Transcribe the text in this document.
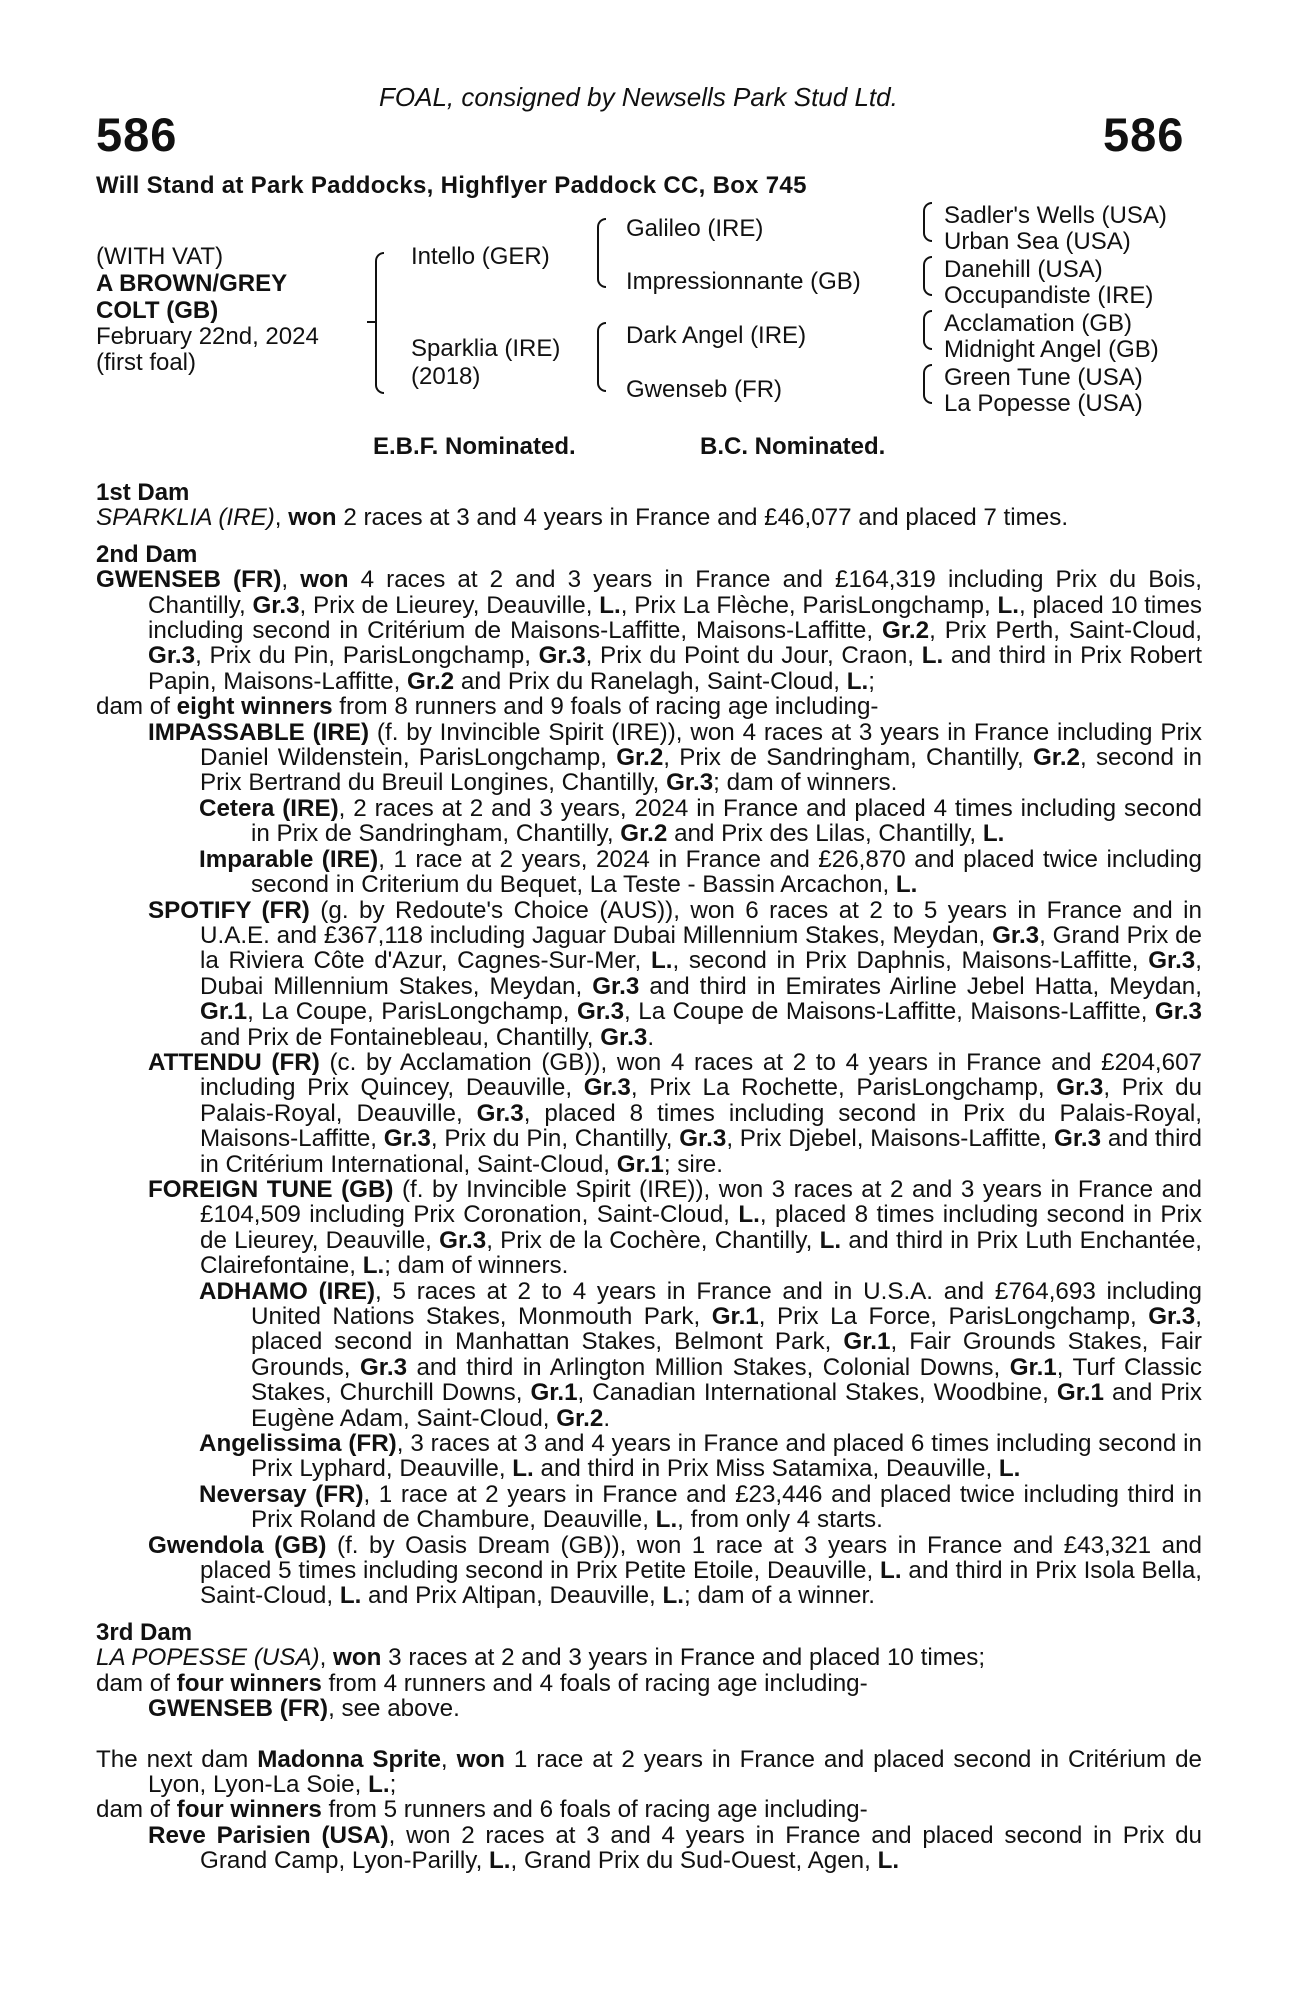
FOAL, consigned by Newsells Park Stud Ltd.
586	586
Will Stand at Park Paddocks, Highflyer Paddock CC, Box 745
(WITH VAT)
A BROWN/GREY
COLT (GB)
February 22nd, 2024
(first foal)
Intello (GER)
Sparklia (IRE)
(2018)
Galileo (IRE)
Impressionnante (GB)
Dark Angel (IRE)
Gwenseb (FR)
Sadler's Wells (USA)
Urban Sea (USA)
Danehill (USA)
Occupandiste (IRE)
Acclamation (GB)
Midnight Angel (GB)
Green Tune (USA)
La Popesse (USA)
E.B.F. Nominated.	B.C. Nominated.
1st Dam

SPARKLIA (IRE), won 2 races at 3 and 4 years in France and £46,077 and placed 7 times.

2nd Dam

GWENSEB (FR), won 4 races at 2 and 3 years in France and £164,319 including Prix du Bois, Chantilly, Gr.3, Prix de Lieurey, Deauville, L., Prix La Flèche, ParisLongchamp, L., placed 10 times including second in Critérium de Maisons-Laffitte, Maisons-Laffitte, Gr.2, Prix Perth, Saint-Cloud, Gr.3, Prix du Pin, ParisLongchamp, Gr.3, Prix du Point du Jour, Craon, L. and third in Prix Robert Papin, Maisons-Laffitte, Gr.2 and Prix du Ranelagh, Saint-Cloud, L.;

dam of eight winners from 8 runners and 9 foals of racing age including-

IMPASSABLE (IRE) (f. by Invincible Spirit (IRE)), won 4 races at 3 years in France including Prix Daniel Wildenstein, ParisLongchamp, Gr.2, Prix de Sandringham, Chantilly, Gr.2, second in Prix Bertrand du Breuil Longines, Chantilly, Gr.3; dam of winners.

Cetera (IRE), 2 races at 2 and 3 years, 2024 in France and placed 4 times including second in Prix de Sandringham, Chantilly, Gr.2 and Prix des Lilas, Chantilly, L.

Imparable (IRE), 1 race at 2 years, 2024 in France and £26,870 and placed twice including second in Criterium du Bequet, La Teste - Bassin Arcachon, L.

SPOTIFY (FR) (g. by Redoute's Choice (AUS)), won 6 races at 2 to 5 years in France and in U.A.E. and £367,118 including Jaguar Dubai Millennium Stakes, Meydan, Gr.3, Grand Prix de la Riviera Côte d'Azur, Cagnes-Sur-Mer, L., second in Prix Daphnis, Maisons-Laffitte, Gr.3, Dubai Millennium Stakes, Meydan, Gr.3 and third in Emirates Airline Jebel Hatta, Meydan, Gr.1, La Coupe, ParisLongchamp, Gr.3, La Coupe de Maisons-Laffitte, Maisons-Laffitte, Gr.3 and Prix de Fontainebleau, Chantilly, Gr.3.

ATTENDU (FR) (c. by Acclamation (GB)), won 4 races at 2 to 4 years in France and £204,607 including Prix Quincey, Deauville, Gr.3, Prix La Rochette, ParisLongchamp, Gr.3, Prix du Palais-Royal, Deauville, Gr.3, placed 8 times including second in Prix du Palais-Royal, Maisons-Laffitte, Gr.3, Prix du Pin, Chantilly, Gr.3, Prix Djebel, Maisons-Laffitte, Gr.3 and third in Critérium International, Saint-Cloud, Gr.1; sire.

FOREIGN TUNE (GB) (f. by Invincible Spirit (IRE)), won 3 races at 2 and 3 years in France and £104,509 including Prix Coronation, Saint-Cloud, L., placed 8 times including second in Prix de Lieurey, Deauville, Gr.3, Prix de la Cochère, Chantilly, L. and third in Prix Luth Enchantée, Clairefontaine, L.; dam of winners.

ADHAMO (IRE), 5 races at 2 to 4 years in France and in U.S.A. and £764,693 including United Nations Stakes, Monmouth Park, Gr.1, Prix La Force, ParisLongchamp, Gr.3, placed second in Manhattan Stakes, Belmont Park, Gr.1, Fair Grounds Stakes, Fair Grounds, Gr.3 and third in Arlington Million Stakes, Colonial Downs, Gr.1, Turf Classic Stakes, Churchill Downs, Gr.1, Canadian International Stakes, Woodbine, Gr.1 and Prix Eugène Adam, Saint-Cloud, Gr.2.

Angelissima (FR), 3 races at 3 and 4 years in France and placed 6 times including second in Prix Lyphard, Deauville, L. and third in Prix Miss Satamixa, Deauville, L.

Neversay (FR), 1 race at 2 years in France and £23,446 and placed twice including third in Prix Roland de Chambure, Deauville, L., from only 4 starts.

Gwendola (GB) (f. by Oasis Dream (GB)), won 1 race at 3 years in France and £43,321 and placed 5 times including second in Prix Petite Etoile, Deauville, L. and third in Prix Isola Bella, Saint-Cloud, L. and Prix Altipan, Deauville, L.; dam of a winner.

3rd Dam

LA POPESSE (USA), won 3 races at 2 and 3 years in France and placed 10 times;

dam of four winners from 4 runners and 4 foals of racing age including-

GWENSEB (FR), see above.

The next dam Madonna Sprite, won 1 race at 2 years in France and placed second in Critérium de Lyon, Lyon-La Soie, L.;

dam of four winners from 5 runners and 6 foals of racing age including-

Reve Parisien (USA), won 2 races at 3 and 4 years in France and placed second in Prix du Grand Camp, Lyon-Parilly, L., Grand Prix du Sud-Ouest, Agen, L.
